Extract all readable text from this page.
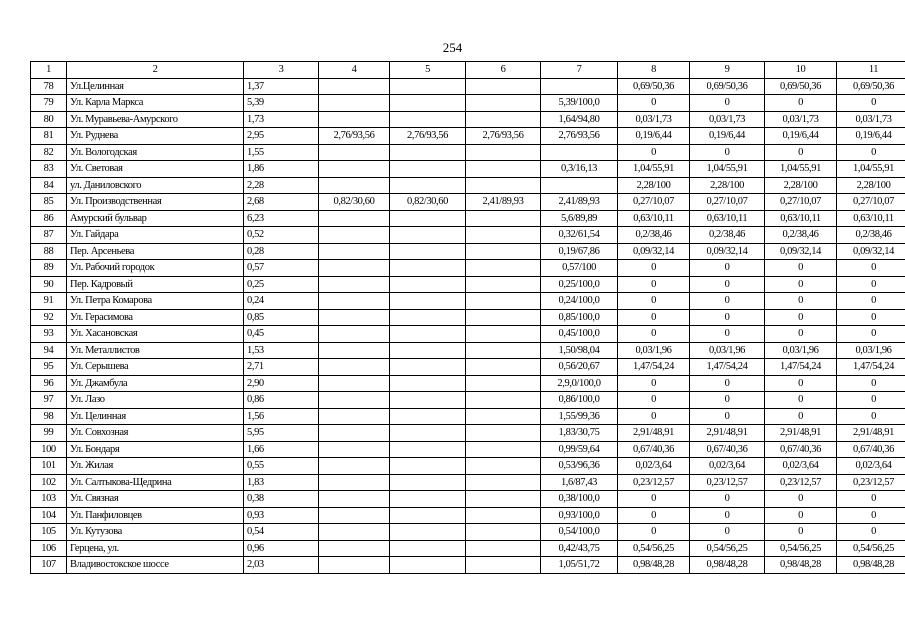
254
1	2	3	4	5	6	7	8	9	10	11
78	Ул.Целинная	1,37					0,69/50,36	0,69/50,36	0,69/50,36	0,69/50,36
79	Ул. Карла Маркса	5,39				5,39/100,0	0	0	0	0
80	Ул. Муравьева-Амурского	1,73				1,64/94,80	0,03/1,73	0,03/1,73	0,03/1,73	0,03/1,73
81	Ул. Руднева	2,95	2,76/93,56	2,76/93,56	2,76/93,56	2,76/93,56	0,19/6,44	0,19/6,44	0,19/6,44	0,19/6,44
82	Ул. Вологодская	1,55					0	0	0	0
83	Ул. Световая	1,86				0,3/16,13	1,04/55,91	1,04/55,91	1,04/55,91	1,04/55,91
84	ул. Даниловского	2,28					2,28/100	2,28/100	2,28/100	2,28/100
85	Ул. Производственная	2,68	0,82/30,60	0,82/30,60	2,41/89,93	2,41/89,93	0,27/10,07	0,27/10,07	0,27/10,07	0,27/10,07
86	Амурский бульвар	6,23				5,6/89,89	0,63/10,11	0,63/10,11	0,63/10,11	0,63/10,11
87	Ул. Гайдара	0,52				0,32/61,54	0,2/38,46	0,2/38,46	0,2/38,46	0,2/38,46
88	Пер. Арсеньева	0,28				0,19/67,86	0,09/32,14	0,09/32,14	0,09/32,14	0,09/32,14
89	Ул. Рабочий городок	0,57				0,57/100	0	0	0	0
90	Пер. Кадровый	0,25				0,25/100,0	0	0	0	0
91	Ул. Петра Комарова	0,24				0,24/100,0	0	0	0	0
92	Ул. Герасимова	0,85				0,85/100,0	0	0	0	0
93	Ул. Хасановская	0,45				0,45/100,0	0	0	0	0
94	Ул. Металлистов	1,53				1,50/98,04	0,03/1,96	0,03/1,96	0,03/1,96	0,03/1,96
95	Ул. Серышева	2,71				0,56/20,67	1,47/54,24	1,47/54,24	1,47/54,24	1,47/54,24
96	Ул. Джамбула	2,90				2,9,0/100,0	0	0	0	0
97	Ул. Лазо	0,86				0,86/100,0	0	0	0	0
98	Ул. Целинная	1,56				1,55/99,36	0	0	0	0
99	Ул. Совхозная	5,95				1,83/30,75	2,91/48,91	2,91/48,91	2,91/48,91	2,91/48,91
100	Ул. Бондаря	1,66				0,99/59,64	0,67/40,36	0,67/40,36	0,67/40,36	0,67/40,36
101	Ул. Жилая	0,55				0,53/96,36	0,02/3,64	0,02/3,64	0,02/3,64	0,02/3,64
102	Ул. Салтыкова-Щедрина	1,83				1,6/87,43	0,23/12,57	0,23/12,57	0,23/12,57	0,23/12,57
103	Ул. Связная	0,38				0,38/100,0	0	0	0	0
104	Ул. Панфиловцев	0,93				0,93/100,0	0	0	0	0
105	Ул. Кутузова	0,54				0,54/100,0	0	0	0	0
106	Герцена, ул.	0,96				0,42/43,75	0,54/56,25	0,54/56,25	0,54/56,25	0,54/56,25
107	Владивостокское шоссе	2,03				1,05/51,72	0,98/48,28	0,98/48,28	0,98/48,28	0,98/48,28
